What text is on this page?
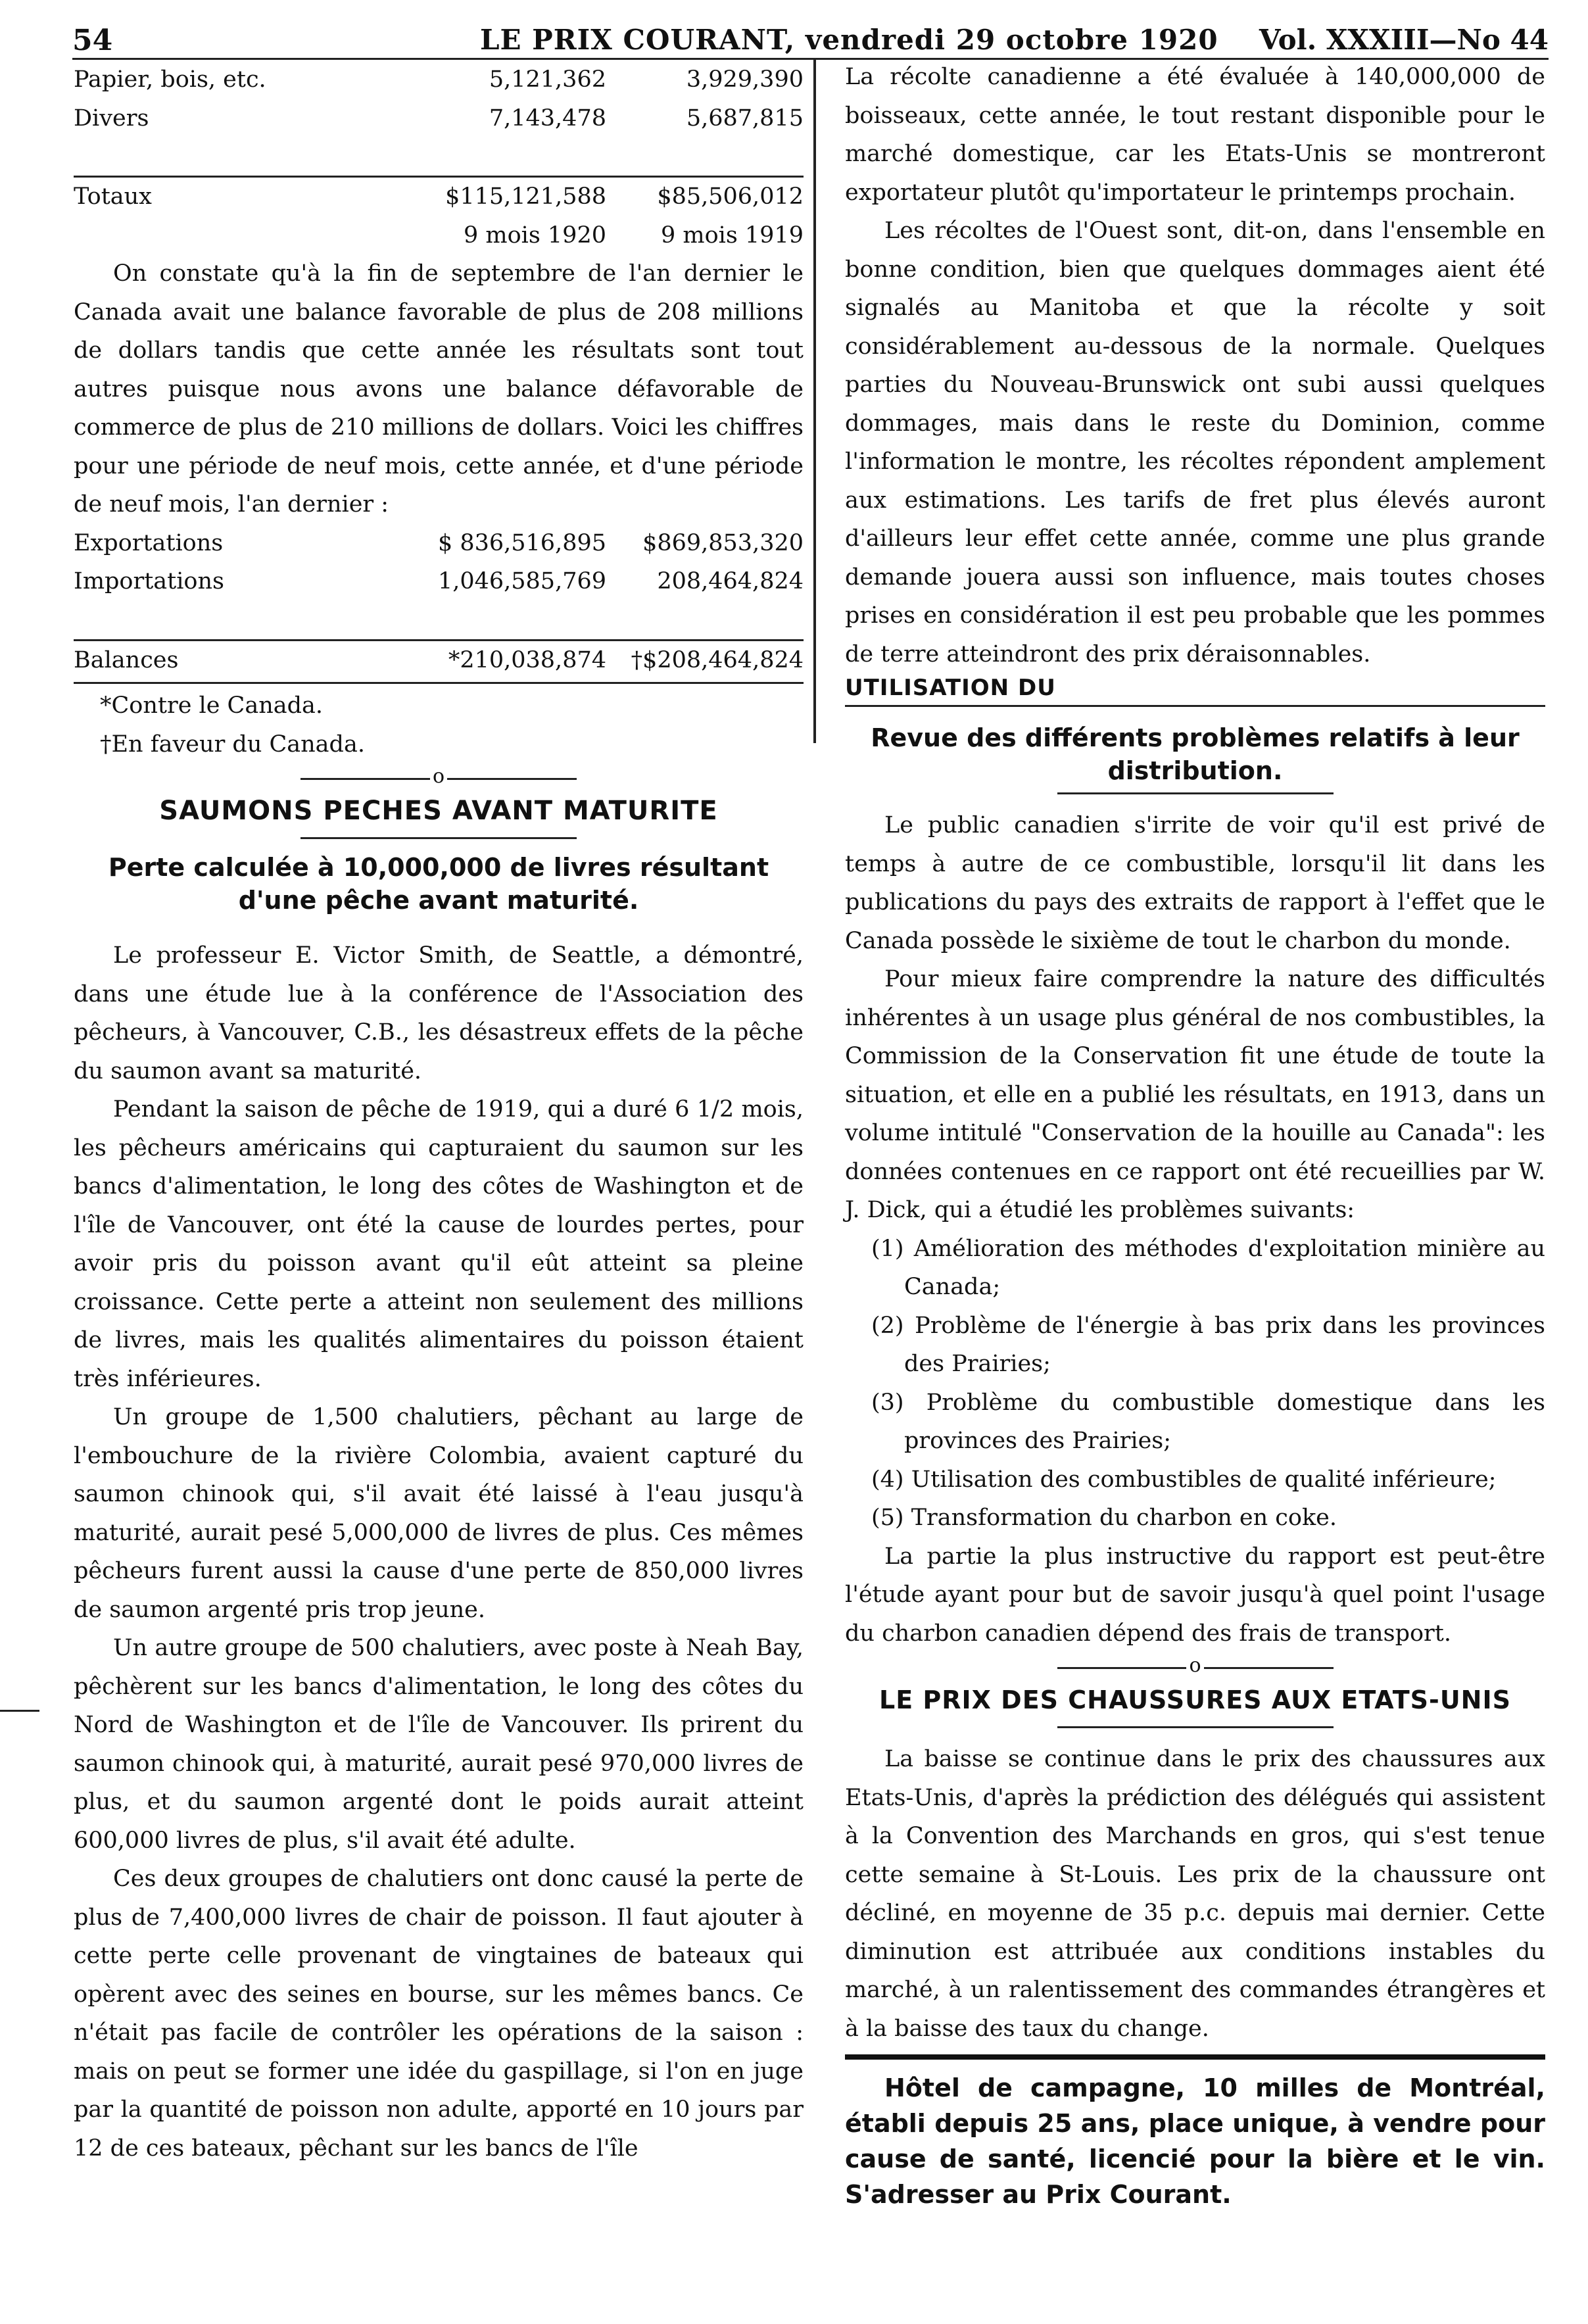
54	LE PRIX COURANT, vendredi 29 octobre 1920 Vol. XXXIII—No 44
Papier, bois, etc.	5,121,362	3,929,390
Divers	7,143,478	5,687,815

Totaux	$115,121,588	$85,506,012
	9 mois 1920	9 mois 1919

On constate qu'à la fin de septembre de l'an dernier le Canada avait une balance favorable de plus de 208 millions de dollars tandis que cette année les résultats sont tout autres puisque nous avons une balance défavorable de commerce de plus de 210 millions de dollars. Voici les chiffres pour une période de neuf mois, cette année, et d'une période de neuf mois, l'an dernier :

Exportations	$ 836,516,895	$869,853,320
Importations	1,046,585,769	208,464,824

Balances	*210,038,874	†$208,464,824

*Contre le Canada.

†En faveur du Canada.

o
SAUMONS PECHES AVANT MATURITE
Perte calculée à 10,000,000 de livres résultant d'une pêche avant maturité.

Le professeur E. Victor Smith, de Seattle, a démontré, dans une étude lue à la conférence de l'Association des pêcheurs, à Vancouver, C.B., les désastreux effets de la pêche du saumon avant sa maturité.

Pendant la saison de pêche de 1919, qui a duré 6 1/2 mois, les pêcheurs américains qui capturaient du saumon sur les bancs d'alimentation, le long des côtes de Washington et de l'île de Vancouver, ont été la cause de lourdes pertes, pour avoir pris du poisson avant qu'il eût atteint sa pleine croissance. Cette perte a atteint non seulement des millions de livres, mais les qualités alimentaires du poisson étaient très inférieures.

Un groupe de 1,500 chalutiers, pêchant au large de l'embouchure de la rivière Colombia, avaient capturé du saumon chinook qui, s'il avait été laissé à l'eau jusqu'à maturité, aurait pesé 5,000,000 de livres de plus. Ces mêmes pêcheurs furent aussi la cause d'une perte de 850,000 livres de saumon argenté pris trop jeune.

Un autre groupe de 500 chalutiers, avec poste à Neah Bay, pêchèrent sur les bancs d'alimentation, le long des côtes du Nord de Washington et de l'île de Vancouver. Ils prirent du saumon chinook qui, à maturité, aurait pesé 970,000 livres de plus, et du saumon argenté dont le poids aurait atteint 600,000 livres de plus, s'il avait été adulte.

Ces deux groupes de chalutiers ont donc causé la perte de plus de 7,400,000 livres de chair de poisson. Il faut ajouter à cette perte celle provenant de vingtaines de bateaux qui opèrent avec des seines en bourse, sur les mêmes bancs. Ce n'était pas facile de contrôler les opérations de la saison : mais on peut se former une idée du gaspillage, si l'on en juge par la quantité de poisson non adulte, apporté en 10 jours par 12 de ces bateaux, pêchant sur les bancs de l'île

La récolte canadienne a été évaluée à 140,000,000 de boisseaux, cette année, le tout restant disponible pour le marché domestique, car les Etats-Unis se montreront exportateur plutôt qu'importateur le printemps prochain.

Les récoltes de l'Ouest sont, dit-on, dans l'ensemble en bonne condition, bien que quelques dommages aient été signalés au Manitoba et que la récolte y soit considérablement au-dessous de la normale. Quelques parties du Nouveau-Brunswick ont subi aussi quelques dommages, mais dans le reste du Dominion, comme l'information le montre, les récoltes répondent amplement aux estimations. Les tarifs de fret plus élevés auront d'ailleurs leur effet cette année, comme une plus grande demande jouera aussi son influence, mais toutes choses prises en considération il est peu probable que les pommes de terre atteindront des prix déraisonnables.

UTILISATION DU
Revue des différents problèmes relatifs à leur distribution.

Le public canadien s'irrite de voir qu'il est privé de temps à autre de ce combustible, lorsqu'il lit dans les publications du pays des extraits de rapport à l'effet que le Canada possède le sixième de tout le charbon du monde.

Pour mieux faire comprendre la nature des difficultés inhérentes à un usage plus général de nos combustibles, la Commission de la Conservation fit une étude de toute la situation, et elle en a publié les résultats, en 1913, dans un volume intitulé "Conservation de la houille au Canada": les données contenues en ce rapport ont été recueillies par W. J. Dick, qui a étudié les problèmes suivants:

(1) Amélioration des méthodes d'exploitation minière au Canada;

(2) Problème de l'énergie à bas prix dans les provinces des Prairies;

(3) Problème du combustible domestique dans les provinces des Prairies;

(4) Utilisation des combustibles de qualité inférieure;

(5) Transformation du charbon en coke.

La partie la plus instructive du rapport est peut-être l'étude ayant pour but de savoir jusqu'à quel point l'usage du charbon canadien dépend des frais de transport.

o
LE PRIX DES CHAUSSURES AUX ETATS-UNIS

La baisse se continue dans le prix des chaussures aux Etats-Unis, d'après la prédiction des délégués qui assistent à la Convention des Marchands en gros, qui s'est tenue cette semaine à St-Louis. Les prix de la chaussure ont décliné, en moyenne de 35 p.c. depuis mai dernier. Cette diminution est attribuée aux conditions instables du marché, à un ralentissement des commandes étrangères et à la baisse des taux du change.

Hôtel de campagne, 10 milles de Montréal, établi depuis 25 ans, place unique, à vendre pour cause de santé, licencié pour la bière et le vin. S'adresser au Prix Courant.
